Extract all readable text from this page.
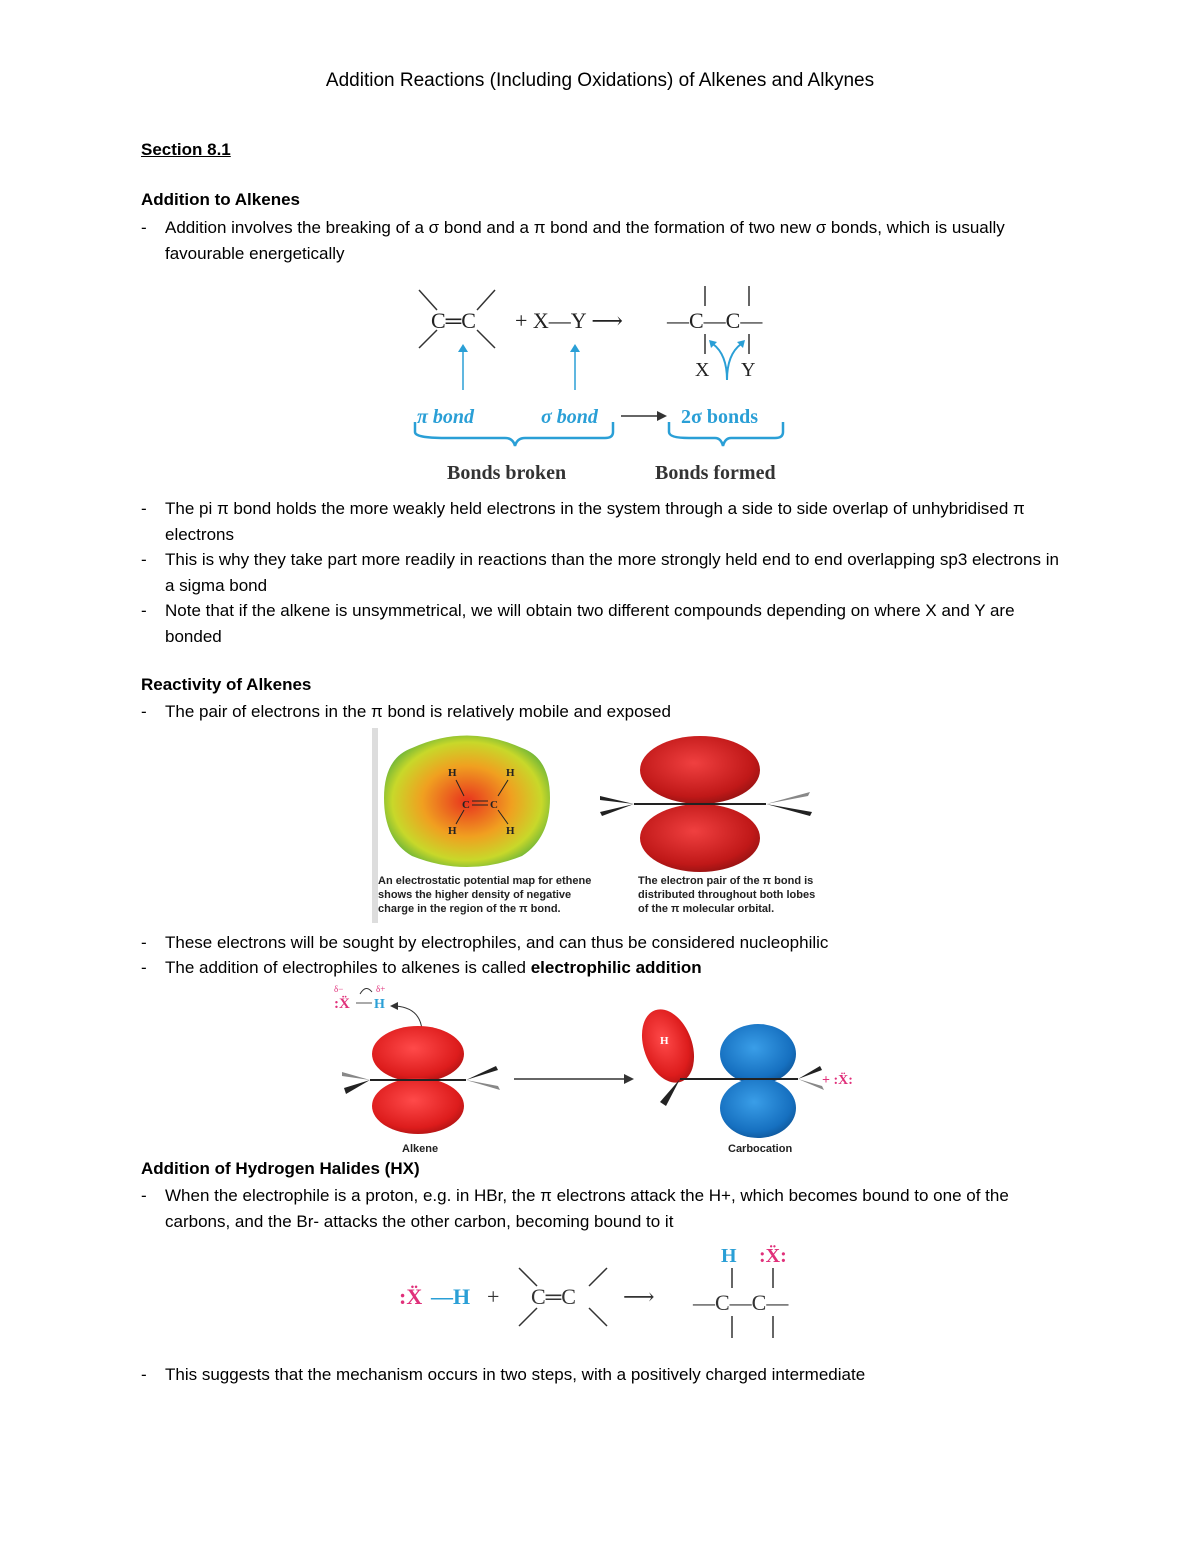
Addition Reactions (Including Oxidations) of Alkenes and Alkynes
Section 8.1
Addition to Alkenes
- Addition involves the breaking of a σ bond and a π bond and the formation of two new σ bonds, which is usually favourable energetically
C═C + X—Y ⟶ —C—C—
X Y
π bond	σ bond	2σ bonds
Bonds broken	Bonds formed
- The pi π bond holds the more weakly held electrons in the system through a side to side overlap of unhybridised π electrons
- This is why they take part more readily in reactions than the more strongly held end to end overlapping sp3 electrons in a sigma bond
- Note that if the alkene is unsymmetrical, we will obtain two different compounds depending on where X and Y are bonded
Reactivity of Alkenes
- The pair of electrons in the π bond is relatively mobile and exposed
H	H
H	H
C C
An electrostatic potential map for ethene
shows the higher density of negative
charge in the region of the π bond.
The electron pair of the π bond is
distributed throughout both lobes
of the π molecular orbital.
- These electrons will be sought by electrophiles, and can thus be considered nucleophilic
- The addition of electrophiles to alkenes is called electrophilic addition
δ−	δ+
:Ẍ H
H
+ :Ẍ:
Alkene	Carbocation
Addition of Hydrogen Halides (HX)
- When the electrophile is a proton, e.g. in HBr, the π electrons attack the H+, which becomes bound to one of the carbons, and the Br- attacks the other carbon, becoming bound to it
:Ẍ —H + C═C ⟶
H :Ẍ:
—C—C—
- This suggests that the mechanism occurs in two steps, with a positively charged intermediate
